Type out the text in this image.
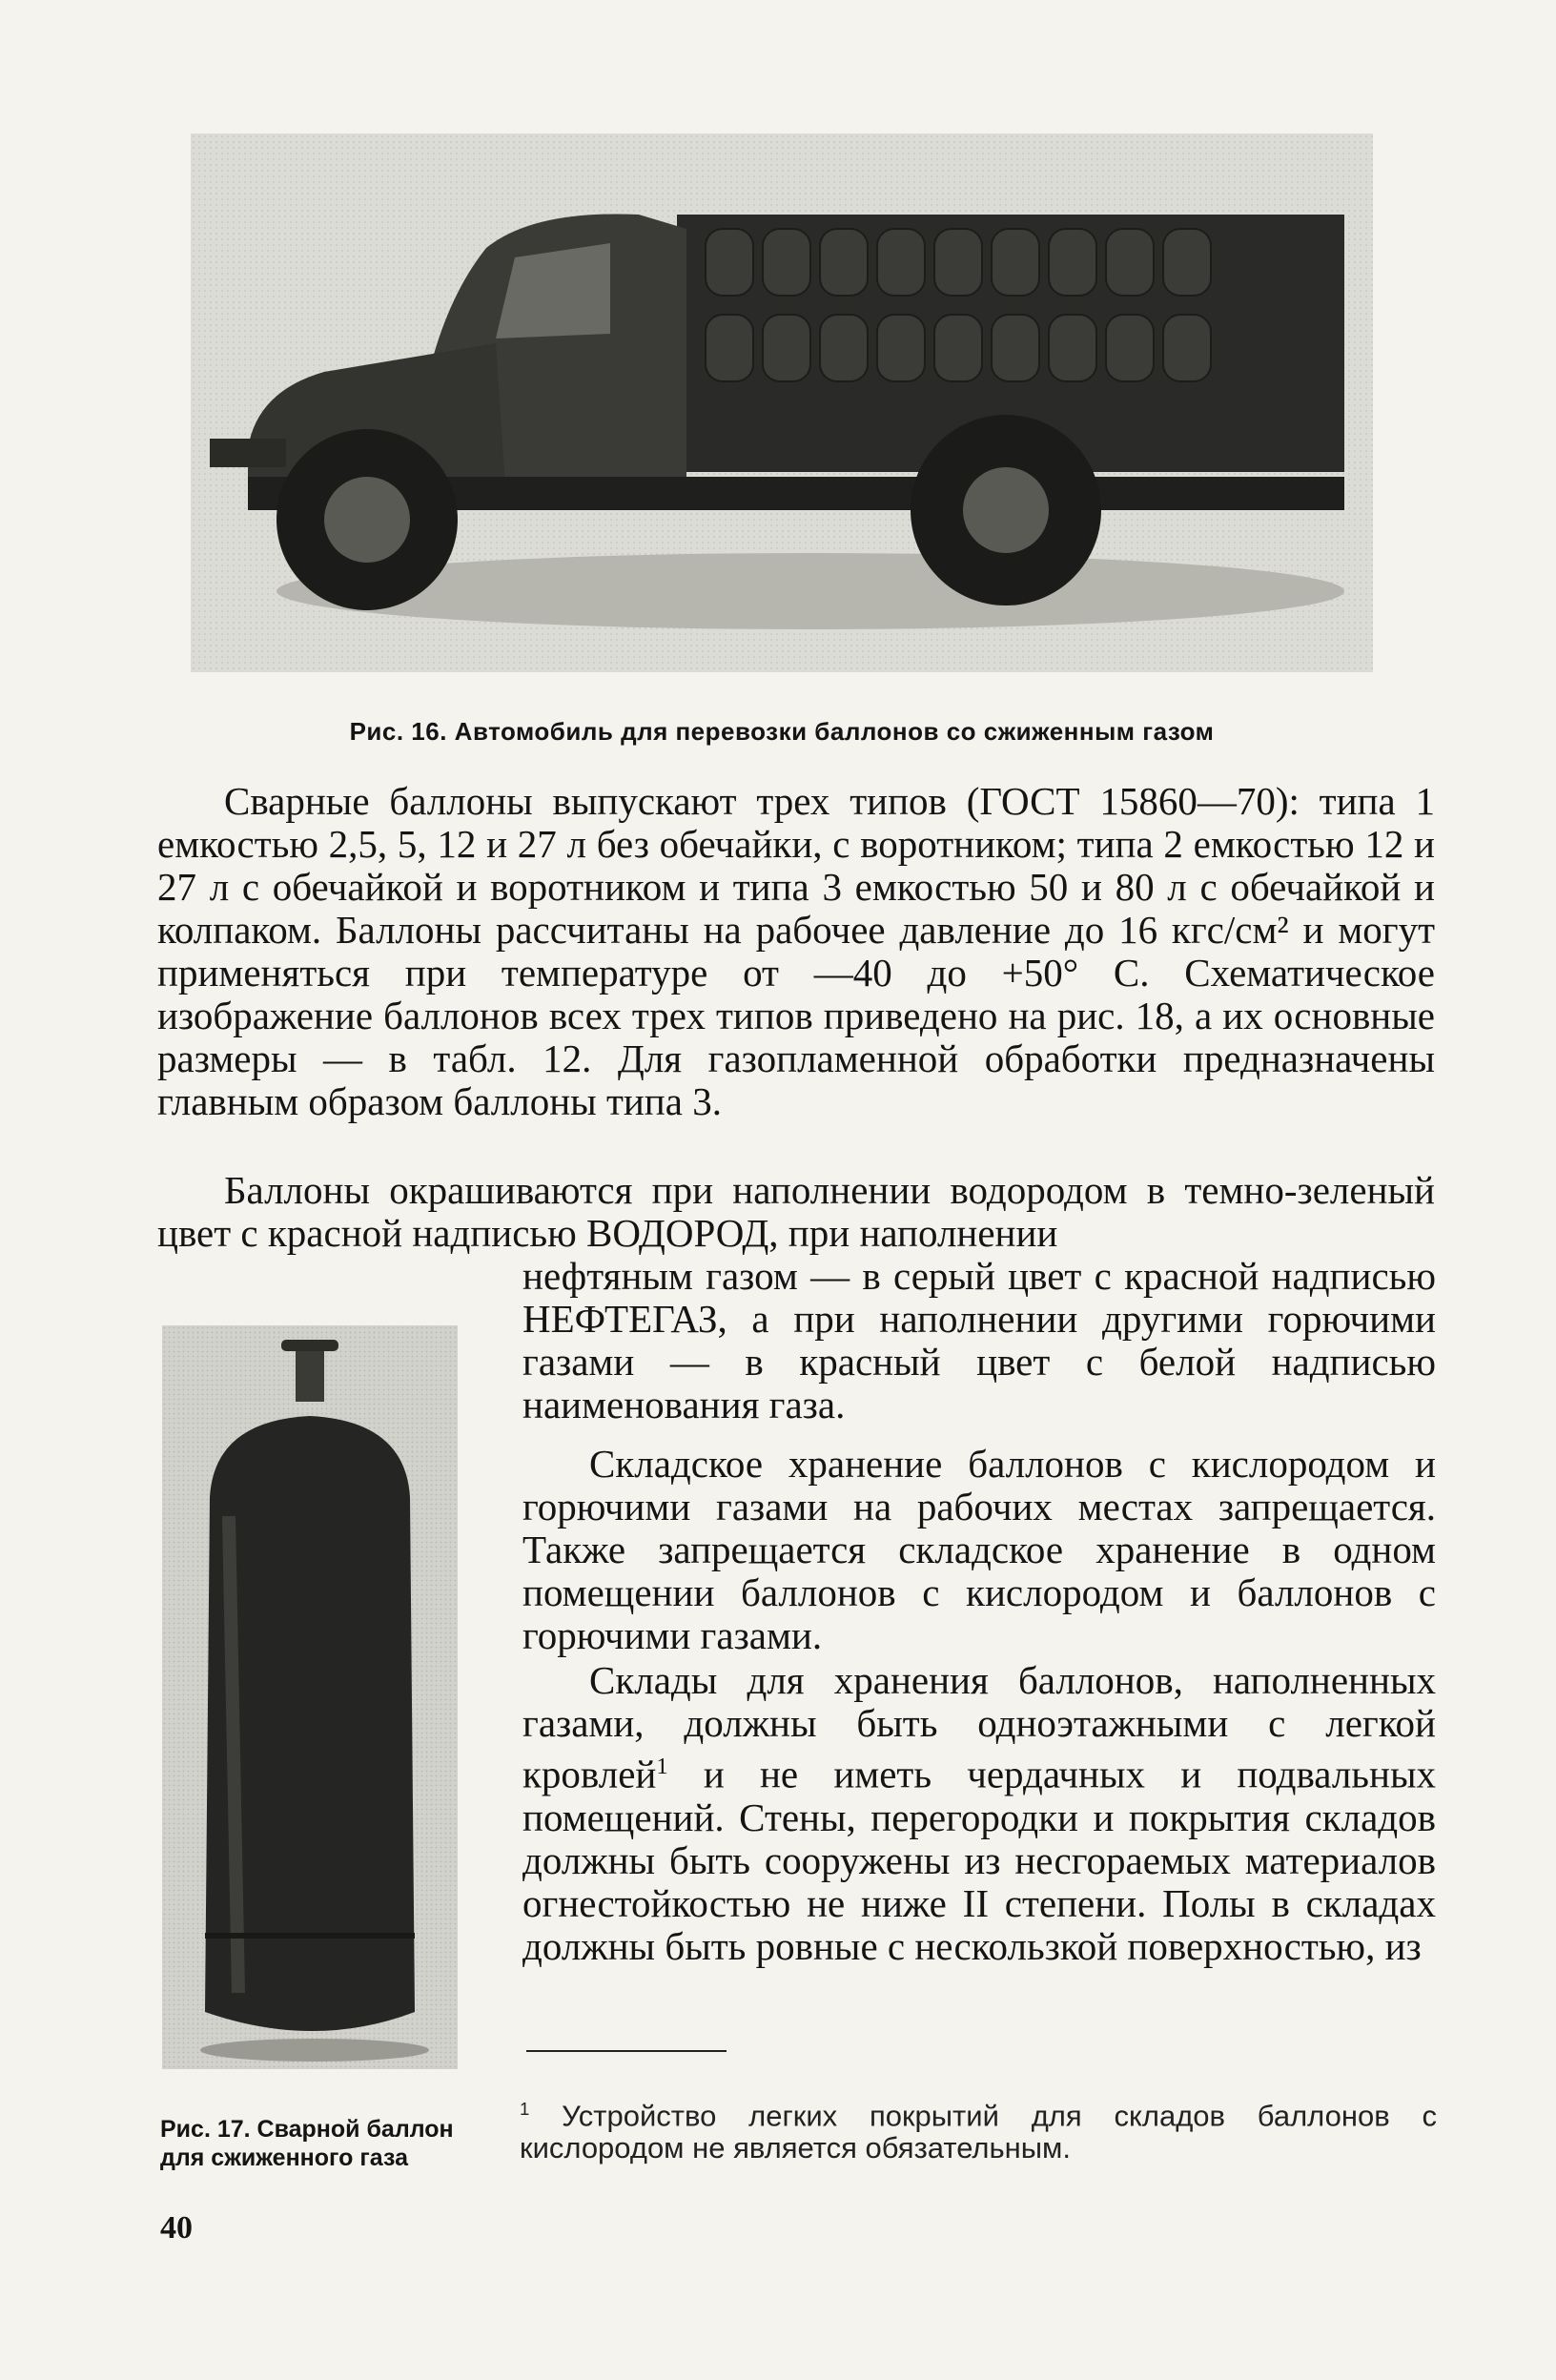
Рис. 16. Автомобиль для перевозки баллонов со сжиженным газом

Сварные баллоны выпускают трех типов (ГОСТ 15860—70): типа 1 емкостью 2,5, 5, 12 и 27 л без обечайки, с воротником; типа 2 емкостью 12 и 27 л с обечайкой и воротником и типа 3 емкостью 50 и 80 л с обечайкой и колпаком. Баллоны рассчитаны на рабочее давление до 16 кгс/см² и могут применяться при температуре от —40 до +50° С. Схематическое изображение баллонов всех трех типов приведено на рис. 18, а их основные размеры — в табл. 12. Для газопламенной обработки предназначены главным образом баллоны типа 3.

Баллоны окрашиваются при наполнении водородом в темно-зеленый цвет с красной надписью ВОДОРОД, при наполнении

нефтяным газом — в серый цвет с красной надписью НЕФТЕГАЗ, а при наполнении другими горючими газами — в красный цвет с белой надписью наименования газа.

Складское хранение баллонов с кислородом и горючими газами на рабочих местах запрещается. Также запрещается складское хранение в одном помещении баллонов с кислородом и баллонов с горючими газами.

Склады для хранения баллонов, наполненных газами, должны быть одноэтажными с легкой кровлей$^1$ и не иметь чердачных и подвальных помещений. Стены, перегородки и покрытия складов должны быть сооружены из несгораемых материалов огнестойкостью не ниже II степени. Полы в складах должны быть ровные с нескользкой поверхностью, из

Рис. 17. Сварной баллон
для сжиженного газа
$^1$ Устройство легких покрытий для складов баллонов с кислородом не является обязательным.
40
